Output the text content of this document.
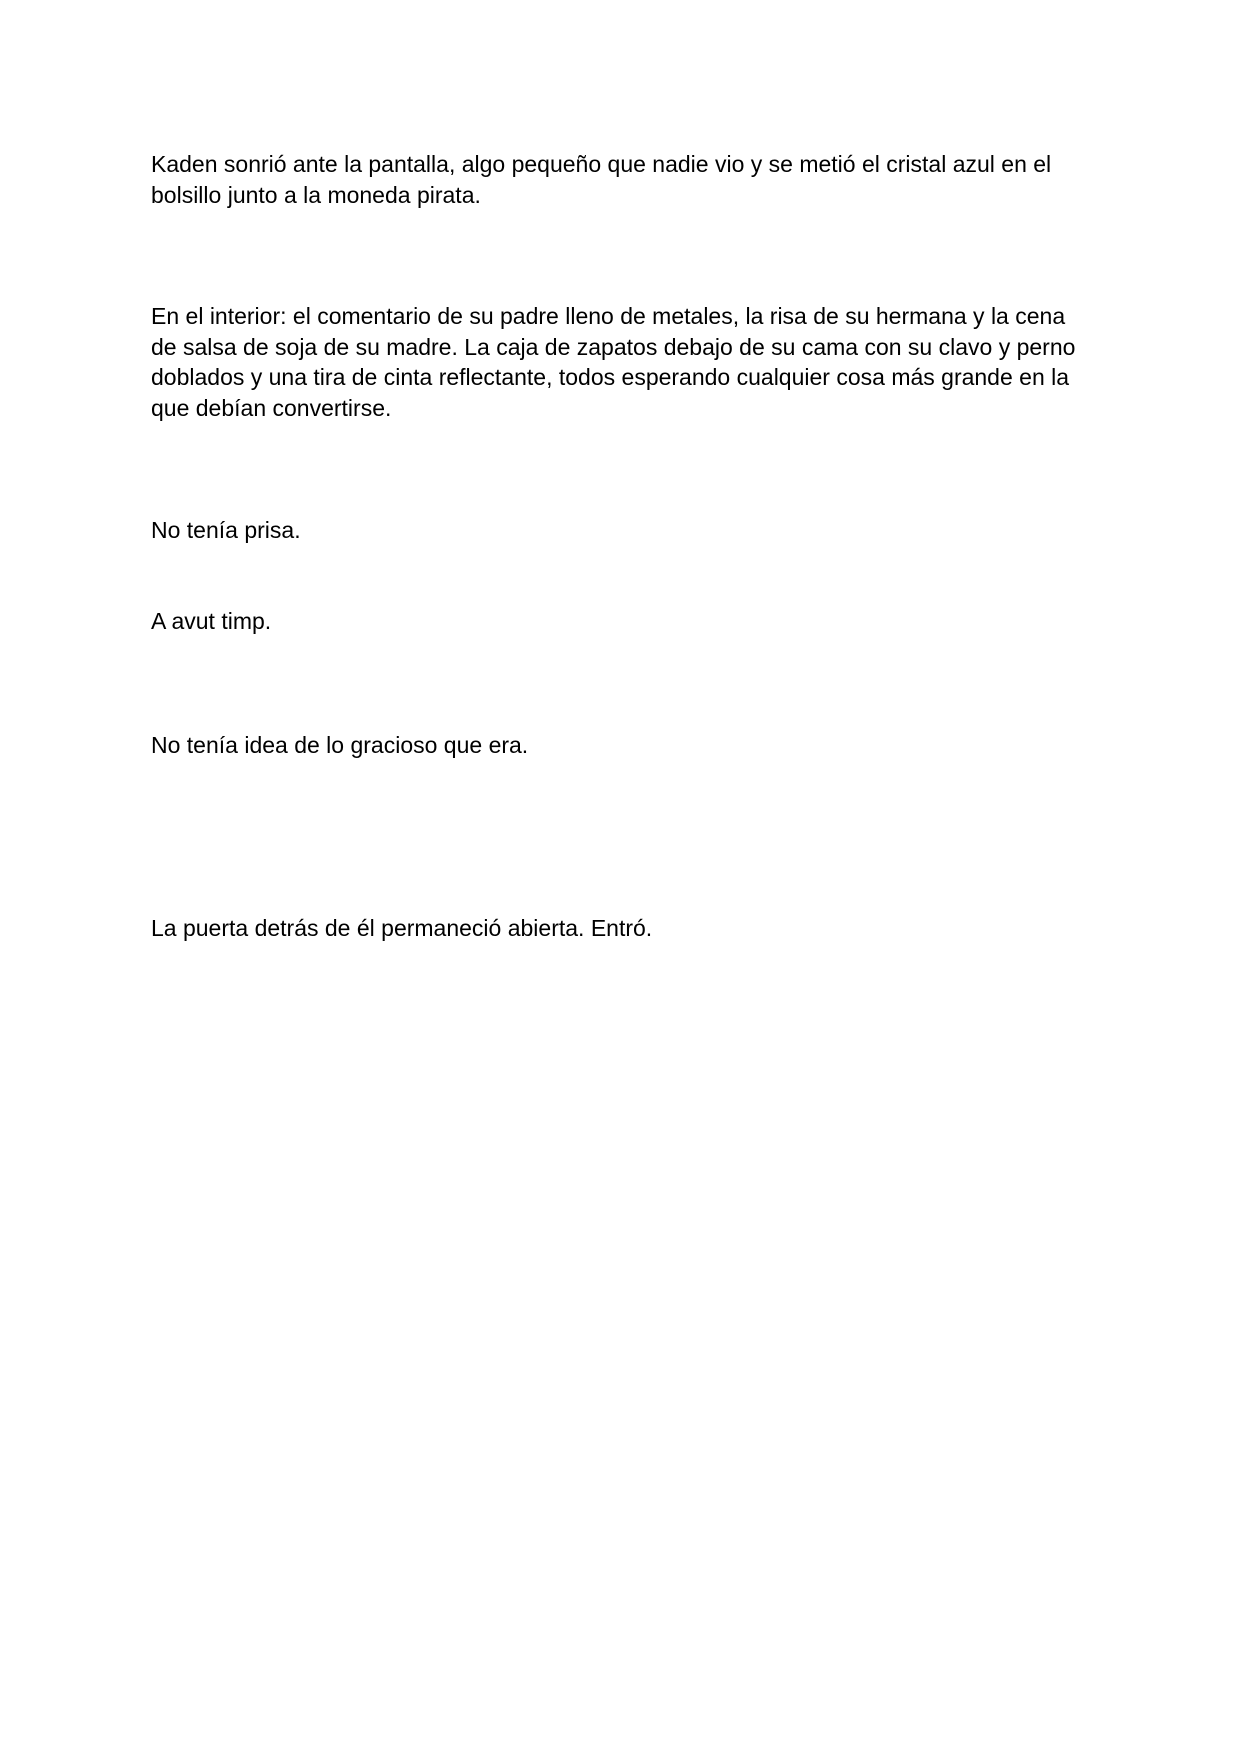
Kaden sonrió ante la pantalla, algo pequeño que nadie vio y se metió el cristal azul en el bolsillo junto a la moneda pirata.

En el interior: el comentario de su padre lleno de metales, la risa de su hermana y la cena de salsa de soja de su madre. La caja de zapatos debajo de su cama con su clavo y perno doblados y una tira de cinta reflectante, todos esperando cualquier cosa más grande en la que debían convertirse.

No tenía prisa.

A avut timp.

No tenía idea de lo gracioso que era.

La puerta detrás de él permaneció abierta. Entró.
